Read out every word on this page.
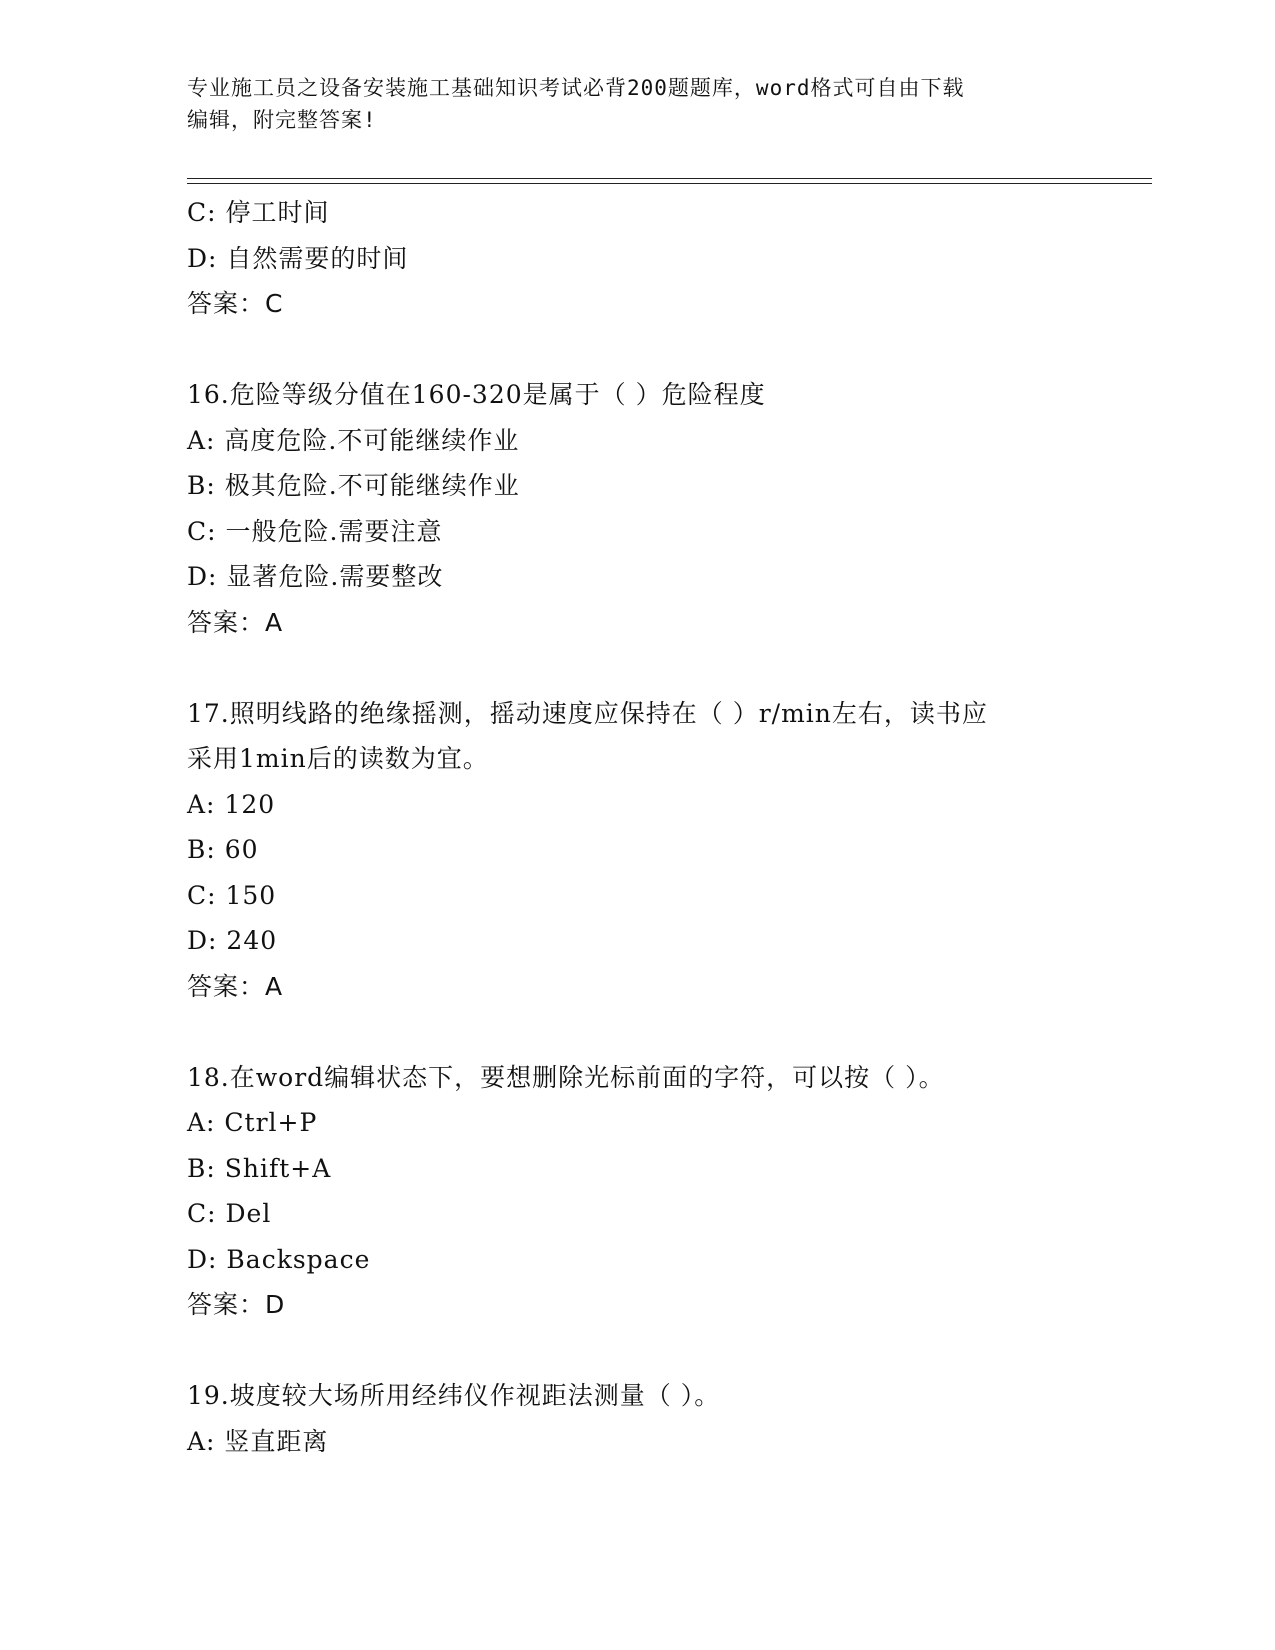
专业施工员之设备安装施工基础知识考试必背200题题库，word格式可自由下载
编辑，附完整答案!
C: 停工时间
D: 自然需要的时间
答案：C
16.危险等级分值在160-320是属于（ ）危险程度
A: 高度危险.不可能继续作业
B: 极其危险.不可能继续作业
C: 一般危险.需要注意
D: 显著危险.需要整改
答案：A
17.照明线路的绝缘摇测，摇动速度应保持在（ ）r/min左右，读书应
采用1min后的读数为宜。
A: 120
B: 60
C: 150
D: 240
答案：A
18.在word编辑状态下，要想删除光标前面的字符，可以按（ ）。
A: Ctrl+P
B: Shift+A
C: Del
D: Backspace
答案：D
19.坡度较大场所用经纬仪作视距法测量（ ）。
A: 竖直距离
